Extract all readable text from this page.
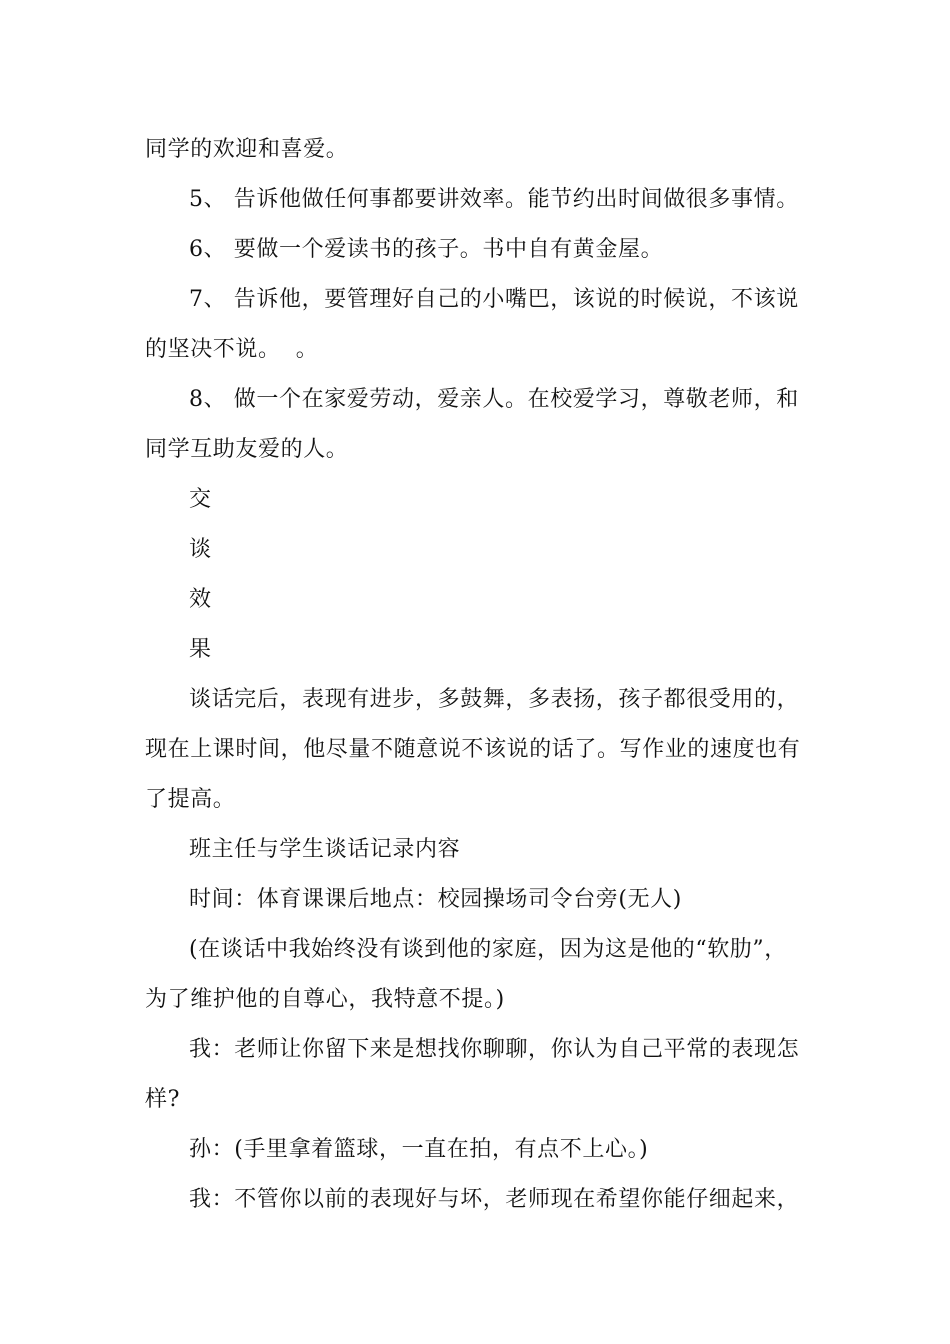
同学的欢迎和喜爱。
5、 告诉他做任何事都要讲效率。能节约出时间做很多事情。
6、 要做一个爱读书的孩子。书中自有黄金屋。
7、 告诉他，要管理好自己的小嘴巴，该说的时候说，不该说
的坚决不说。  。
8、 做一个在家爱劳动，爱亲人。在校爱学习，尊敬老师，和
同学互助友爱的人。
交
谈
效
果
谈话完后，表现有进步，多鼓舞，多表扬，孩子都很受用的，
现在上课时间，他尽量不随意说不该说的话了。写作业的速度也有
了提高。
班主任与学生谈话记录内容
时间：体育课课后地点：校园操场司令台旁(无人)
(在谈话中我始终没有谈到他的家庭，因为这是他的“软肋”，
为了维护他的自尊心，我特意不提。)
我：老师让你留下来是想找你聊聊，你认为自己平常的表现怎
样?
孙：(手里拿着篮球，一直在拍，有点不上心。)
我：不管你以前的表现好与坏，老师现在希望你能仔细起来，
